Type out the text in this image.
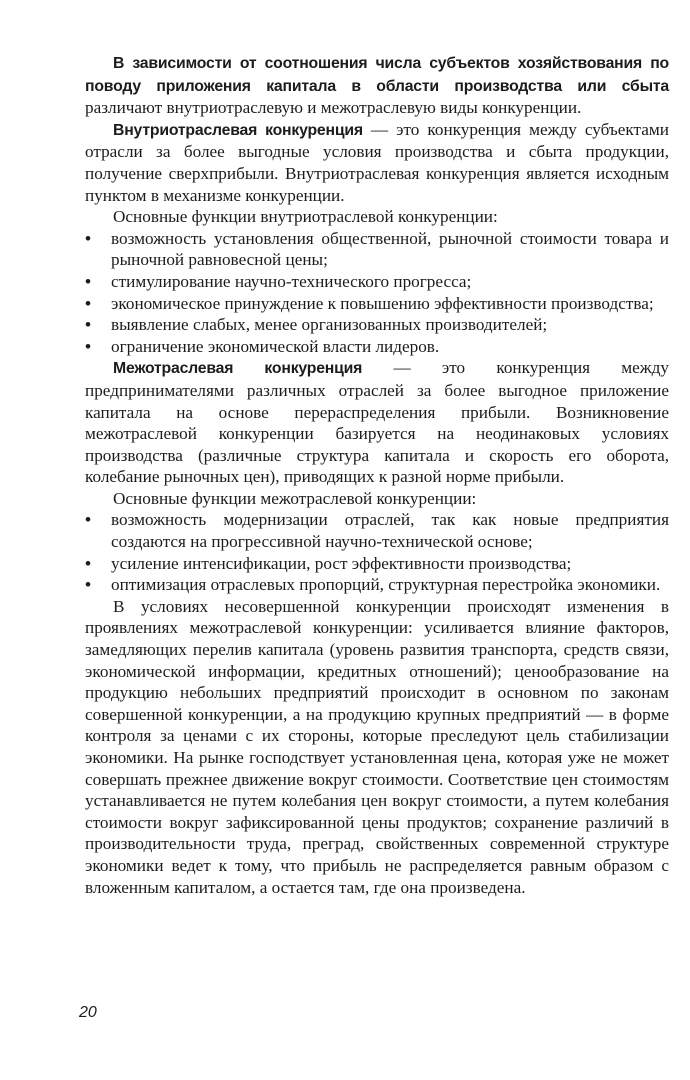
В зависимости от соотношения числа субъектов хозяйствования по поводу приложения капитала в области производства или сбыта различают внутриотраслевую и межотраслевую виды конкуренции.

Внутриотраслевая конкуренция — это конкуренция между субъектами отрасли за более выгодные условия производства и сбыта продукции, получение сверхприбыли. Внутриотраслевая конкуренция является исходным пунктом в механизме конкуренции.

Основные функции внутриотраслевой конкуренции:

• возможность установления общественной, рыночной стоимости товара и рыночной равновесной цены;
• стимулирование научно-технического прогресса;
• экономическое принуждение к повышению эффективности производства;
• выявление слабых, менее организованных производителей;
• ограничение экономической власти лидеров.

Межотраслевая конкуренция — это конкуренция между предпринимателями различных отраслей за более выгодное приложение капитала на основе перераспределения прибыли. Возникновение межотраслевой конкуренции базируется на неодинаковых условиях производства (различные структура капитала и скорость его оборота, колебание рыночных цен), приводящих к разной норме прибыли.

Основные функции межотраслевой конкуренции:

• возможность модернизации отраслей, так как новые предприятия создаются на прогрессивной научно-технической основе;
• усиление интенсификации, рост эффективности производства;
• оптимизация отраслевых пропорций, структурная перестройка экономики.

В условиях несовершенной конкуренции происходят изменения в проявлениях межотраслевой конкуренции: усиливается влияние факторов, замедляющих перелив капитала (уровень развития транспорта, средств связи, экономической информации, кредитных отношений); ценообразование на продукцию небольших предприятий происходит в основном по законам совершенной конкуренции, а на продукцию крупных предприятий — в форме контроля за ценами с их стороны, которые преследуют цель стабилизации экономики. На рынке господствует установленная цена, которая уже не может совершать прежнее движение вокруг стоимости. Соответствие цен стоимостям устанавливается не путем колебания цен вокруг стоимости, а путем колебания стоимости вокруг зафиксированной цены продуктов; сохранение различий в производительности труда, преград, свойственных современной структуре экономики ведет к тому, что прибыль не распределяется равным образом с вложенным капиталом, а остается там, где она произведена.

20
